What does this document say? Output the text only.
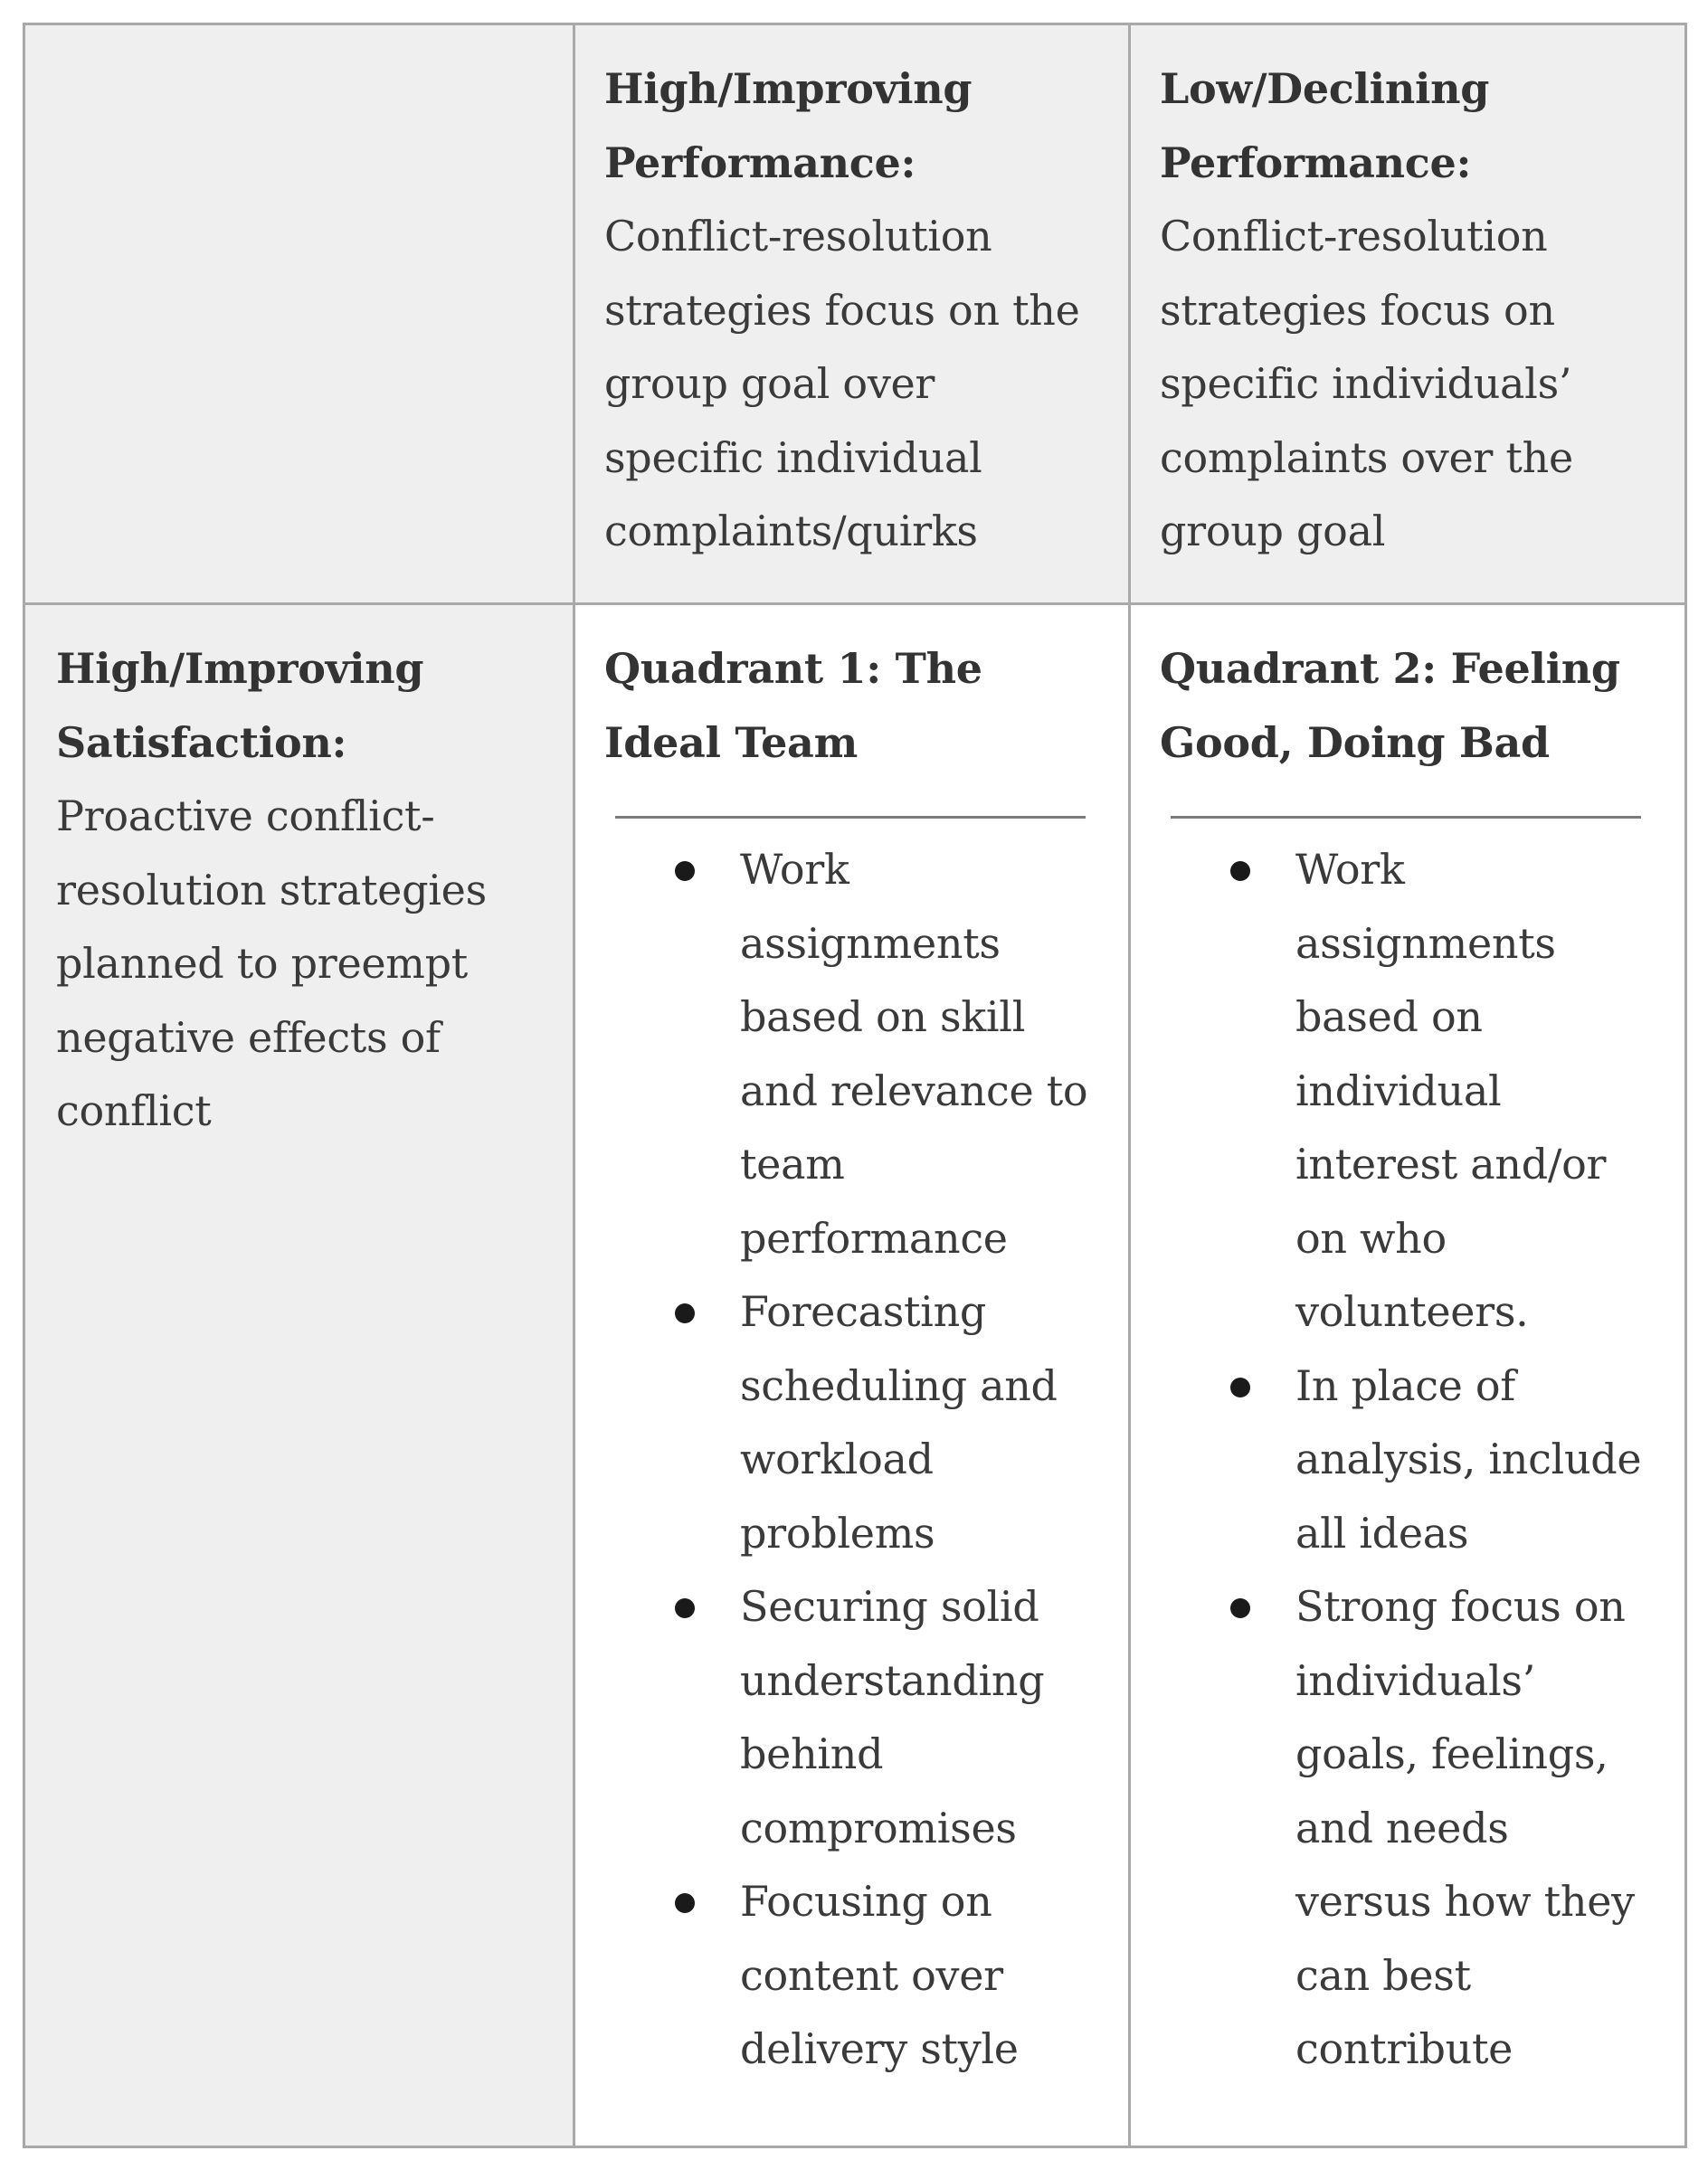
High/Improving Performance: Conflict-resolution strategies focus on the group goal over specific individual complaints/quirks
Low/Declining Performance: Conflict-resolution strategies focus on specific individuals’ complaints over the group goal
High/Improving Satisfaction: Proactive conflict-resolution strategies planned to preempt negative effects of conflict
Quadrant 1: The Ideal Team
Work assignments based on skill and relevance to team performance
Forecasting scheduling and workload problems
Securing solid understanding behind compromises
Focusing on content over delivery style
Quadrant 2: Feeling Good, Doing Bad
Work assignments based on individual interest and/or on who volunteers.
In place of analysis, include all ideas
Strong focus on individuals’ goals, feelings, and needs versus how they can best contribute
